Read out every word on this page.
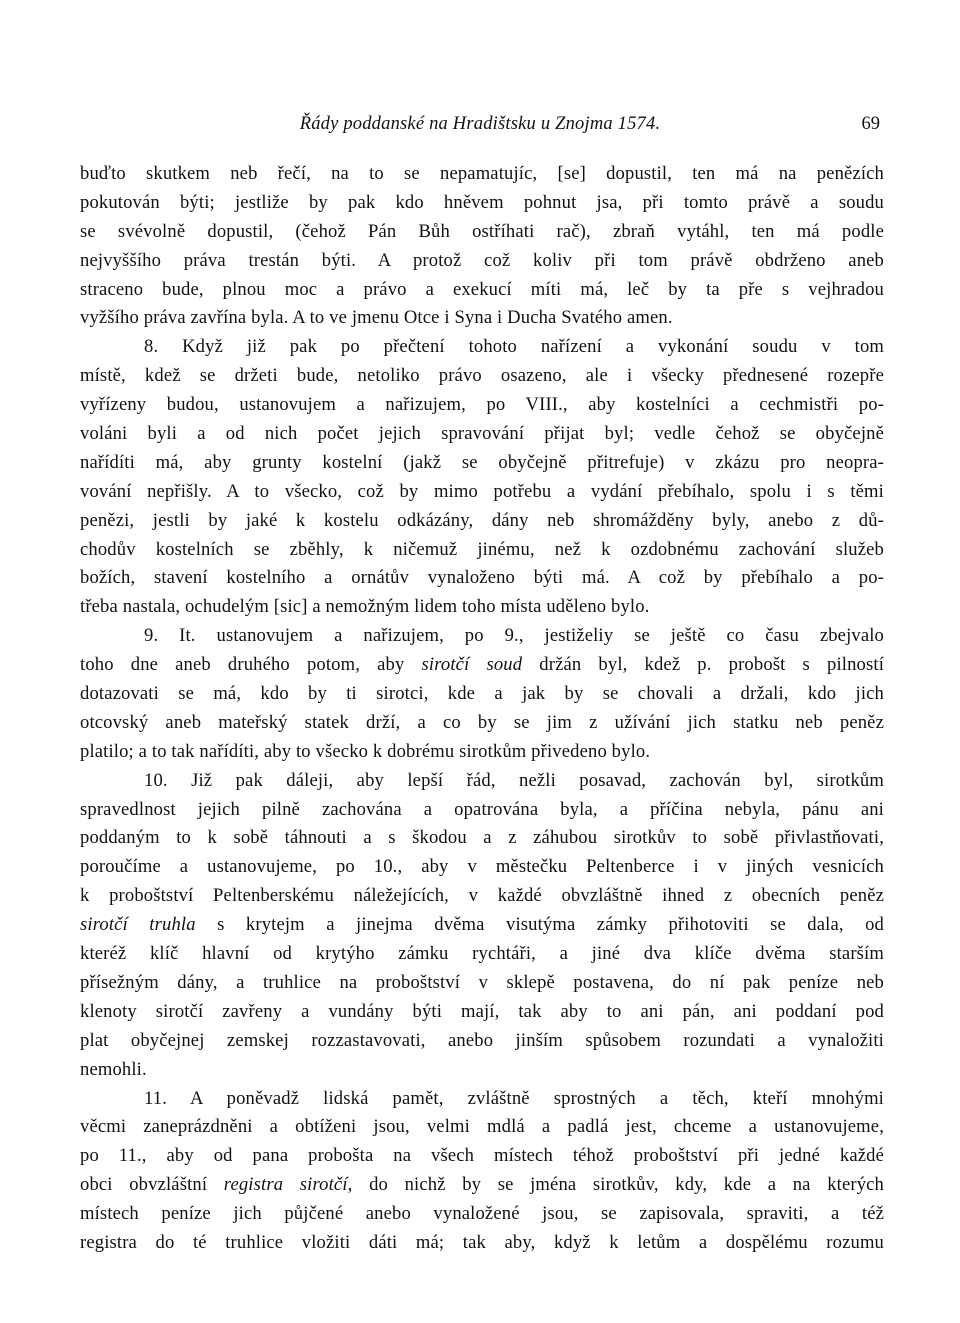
Řády poddanské na Hradištsku u Znojma 1574.	69
buďto skutkem neb řečí, na to se nepamatujíc, [se] dopustil, ten má na penězích
pokutován býti; jestliže by pak kdo hněvem pohnut jsa, při tomto právě a soudu
se svévolně dopustil, (čehož Pán Bůh ostříhati rač), zbraň vytáhl, ten má podle
nejvyššího práva trestán býti. A protož což koliv při tom právě obdrženo aneb
straceno bude, plnou moc a právo a exekucí míti má, leč by ta pře s vejhradou
vyžšího práva zavřína byla. A to ve jmenu Otce i Syna i Ducha Svatého amen.
8. Když již pak po přečtení tohoto nařízení a vykonání soudu v tom
místě, kdež se držeti bude, netoliko právo osazeno, ale i všecky přednesené rozepře
vyřízeny budou, ustanovujem a nařizujem, po VIII., aby kostelníci a cechmistři po-
voláni byli a od nich počet jejich spravování přijat byl; vedle čehož se obyčejně
nařídíti má, aby grunty kostelní (jakž se obyčejně přitrefuje) v zkázu pro neopra-
vování nepřišly. A to všecko, což by mimo potřebu a vydání přebíhalo, spolu i s těmi
penězi, jestli by jaké k kostelu odkázány, dány neb shromážděny byly, anebo z dů-
chodův kostelních se zběhly, k ničemuž jinému, než k ozdobnému zachování služeb
božích, stavení kostelního a ornátův vynaloženo býti má. A což by přebíhalo a po-
třeba nastala, ochudelým [sic] a nemožným lidem toho místa uděleno bylo.
9. It. ustanovujem a nařizujem, po 9., jestiželiy se ještě co času zbejvalo
toho dne aneb druhého potom, aby sirotčí soud držán byl, kdež p. probošt s pilností
dotazovati se má, kdo by ti sirotci, kde a jak by se chovali a držali, kdo jich
otcovský aneb mateřský statek drží, a co by se jim z užívání jich statku neb peněz
platilo; a to tak nařídíti, aby to všecko k dobrému sirotkům přivedeno bylo.
10. Již pak dáleji, aby lepší řád, nežli posavad, zachován byl, sirotkům
spravedlnost jejich pilně zachována a opatrována byla, a příčina nebyla, pánu ani
poddaným to k sobě táhnouti a s škodou a z záhubou sirotkův to sobě přivlastňovati,
poroučíme a ustanovujeme, po 10., aby v městečku Peltenberce i v jiných vesnicích
k proboštství Peltenberskému náležejících, v každé obvzláštně ihned z obecních peněz
sirotčí truhla s krytejm a jinejma dvěma visutýma zámky přihotoviti se dala, od
kteréž klíč hlavní od krytýho zámku rychtáři, a jiné dva klíče dvěma starším
přísežným dány, a truhlice na proboštství v sklepě postavena, do ní pak peníze neb
klenoty sirotčí zavřeny a vundány býti mají, tak aby to ani pán, ani poddaní pod
plat obyčejnej zemskej rozzastavovati, anebo jinším spůsobem rozundati a vynaložiti
nemohli.
11. A poněvadž lidská pamět, zvláštně sprostných a těch, kteří mnohými
věcmi zaneprázdněni a obtíženi jsou, velmi mdlá a padlá jest, chceme a ustanovujeme,
po 11., aby od pana probošta na všech místech téhož proboštství při jedné každé
obci obvzláštní registra sirotčí, do nichž by se jména sirotkův, kdy, kde a na kterých
místech peníze jich půjčené anebo vynaložené jsou, se zapisovala, spraviti, a též
registra do té truhlice vložiti dáti má; tak aby, když k letům a dospělému rozumu
